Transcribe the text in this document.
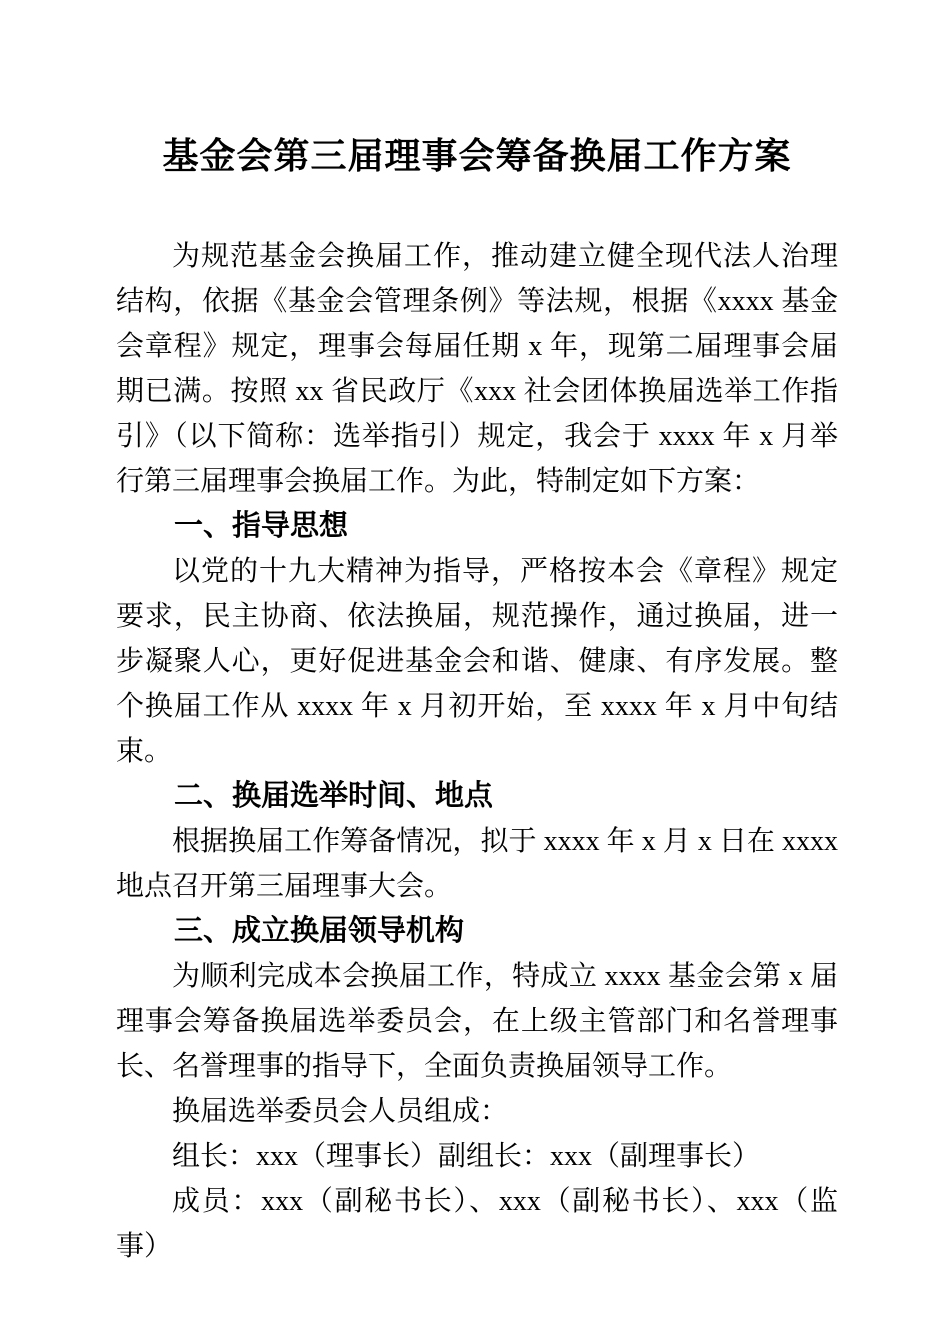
基金会第三届理事会筹备换届工作方案

为规范基金会换届工作，推动建立健全现代法人治理结构，依据《基金会管理条例》等法规，根据《xxxx 基金会章程》规定，理事会每届任期 x 年，现第二届理事会届期已满。按照 xx 省民政厅《xxx 社会团体换届选举工作指引》（以下简称：选举指引）规定，我会于 xxxx 年 x 月举行第三届理事会换届工作。为此，特制定如下方案：

一、指导思想

以党的十九大精神为指导，严格按本会《章程》规定要求，民主协商、依法换届，规范操作，通过换届，进一步凝聚人心，更好促进基金会和谐、健康、有序发展。整个换届工作从 xxxx 年 x 月初开始，至 xxxx 年 x 月中旬结束。

二、换届选举时间、地点

根据换届工作筹备情况，拟于 xxxx 年 x 月 x 日在 xxxx 地点召开第三届理事大会。

三、成立换届领导机构

为顺利完成本会换届工作，特成立 xxxx 基金会第 x 届理事会筹备换届选举委员会，在上级主管部门和名誉理事长、名誉理事的指导下，全面负责换届领导工作。

换届选举委员会人员组成：

组长：xxx（理事长）副组长：xxx（副理事长）

成员：xxx（副秘书长）、xxx（副秘书长）、xxx（监事）
